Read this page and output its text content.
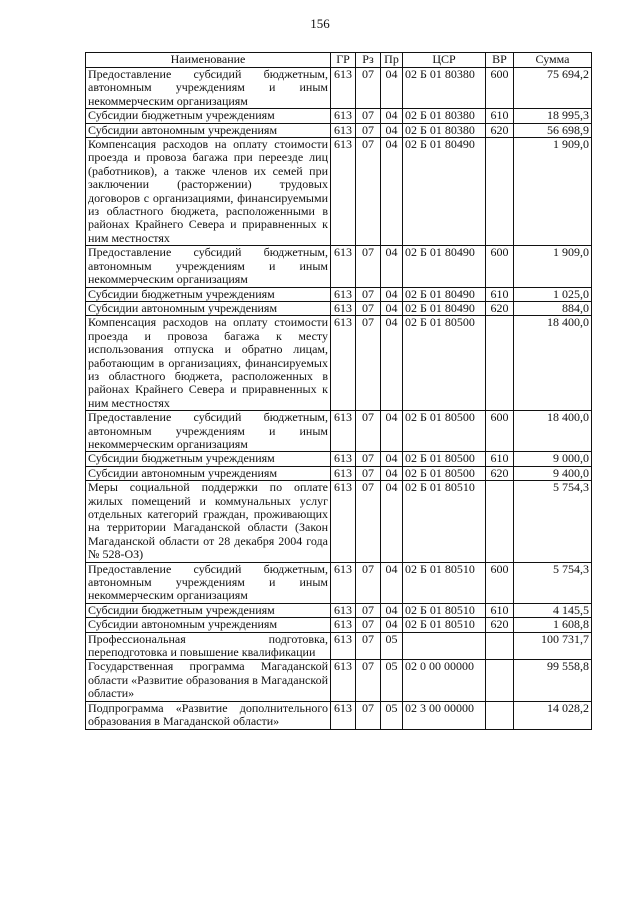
156
Наименование	ГР	Рз	Пр	ЦСР	ВР	Сумма
Предоставление субсидий бюджетным, автономным учреждениям и иным некоммерческим организациям	613	07	04	02 Б 01 80380	600	75 694,2
Субсидии бюджетным учреждениям	613	07	04	02 Б 01 80380	610	18 995,3
Субсидии автономным учреждениям	613	07	04	02 Б 01 80380	620	56 698,9
Компенсация расходов на оплату стоимости проезда и провоза багажа при переезде лиц (работников), а также членов их семей при заключении (расторжении) трудовых договоров с организациями, финансируемыми из областного бюджета, расположенными в районах Крайнего Севера и приравненных к ним местностях	613	07	04	02 Б 01 80490		1 909,0
Предоставление субсидий бюджетным, автономным учреждениям и иным некоммерческим организациям	613	07	04	02 Б 01 80490	600	1 909,0
Субсидии бюджетным учреждениям	613	07	04	02 Б 01 80490	610	1 025,0
Субсидии автономным учреждениям	613	07	04	02 Б 01 80490	620	884,0
Компенсация расходов на оплату стоимости проезда и провоза багажа к месту использования отпуска и обратно лицам, работающим в организациях, финансируемых из областного бюджета, расположенных в районах Крайнего Севера и приравненных к ним местностях	613	07	04	02 Б 01 80500		18 400,0
Предоставление субсидий бюджетным, автономным учреждениям и иным некоммерческим организациям	613	07	04	02 Б 01 80500	600	18 400,0
Субсидии бюджетным учреждениям	613	07	04	02 Б 01 80500	610	9 000,0
Субсидии автономным учреждениям	613	07	04	02 Б 01 80500	620	9 400,0
Меры социальной поддержки по оплате жилых помещений и коммунальных услуг отдельных категорий граждан, проживающих на территории Магаданской области (Закон Магаданской области от 28 декабря 2004 года № 528-ОЗ)	613	07	04	02 Б 01 80510		5 754,3
Предоставление субсидий бюджетным, автономным учреждениям и иным некоммерческим организациям	613	07	04	02 Б 01 80510	600	5 754,3
Субсидии бюджетным учреждениям	613	07	04	02 Б 01 80510	610	4 145,5
Субсидии автономным учреждениям	613	07	04	02 Б 01 80510	620	1 608,8
Профессиональная подготовка, переподготовка и повышение квалификации	613	07	05			100 731,7
Государственная программа Магаданской области «Развитие образования в Магаданской области»	613	07	05	02 0 00 00000		99 558,8
Подпрограмма «Развитие дополнительного образования в Магаданской области»	613	07	05	02 3 00 00000		14 028,2
